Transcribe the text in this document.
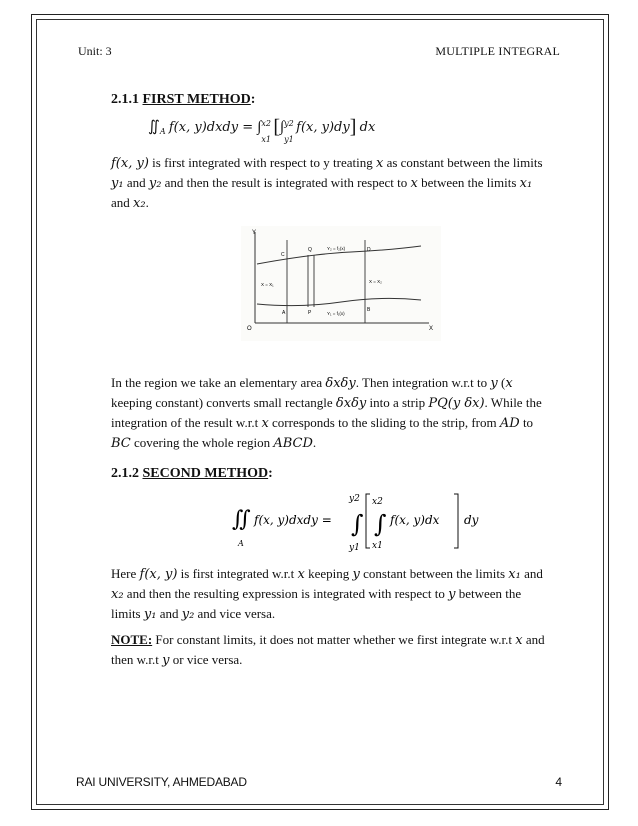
Unit: 3	MULTIPLE INTEGRAL
2.1.1 FIRST METHOD:
$∬_A$ f(x, y)dxdy = ∫ x2
x1
[∫ y2
y1
f(x, y)dy] dx

f(x, y) is first integrated with respect to y treating x as constant between the limits y₁ and y₂ and then the result is integrated with respect to x between the limits x₁ and x₂.

Y
X
O
Y₂ = f₂(x)
Y₁ = f₁(x)
X = X₁
X = X₂
C
Q	D
A	P	B

In the region we take an elementary area δxδy. Then integration w.r.t to y (x keeping constant) converts small rectangle δxδy into a strip PQ(y δx). While the integration of the result w.r.t x corresponds to the sliding to the strip, from AD to BC covering the whole region ABCD.

2.1.2 SECOND METHOD:
∬
A
f(x, y)dxdy =
y2
∫
y1
x2
∫
x1
f(x, y)dx dy

Here f(x, y) is first integrated w.r.t x keeping y constant between the limits x₁ and x₂ and then the resulting expression is integrated with respect to y between the limits y₁ and y₂ and vice versa.

NOTE: For constant limits, it does not matter whether we first integrate w.r.t x and then w.r.t y or vice versa.

RAI UNIVERSITY, AHMEDABAD	4
